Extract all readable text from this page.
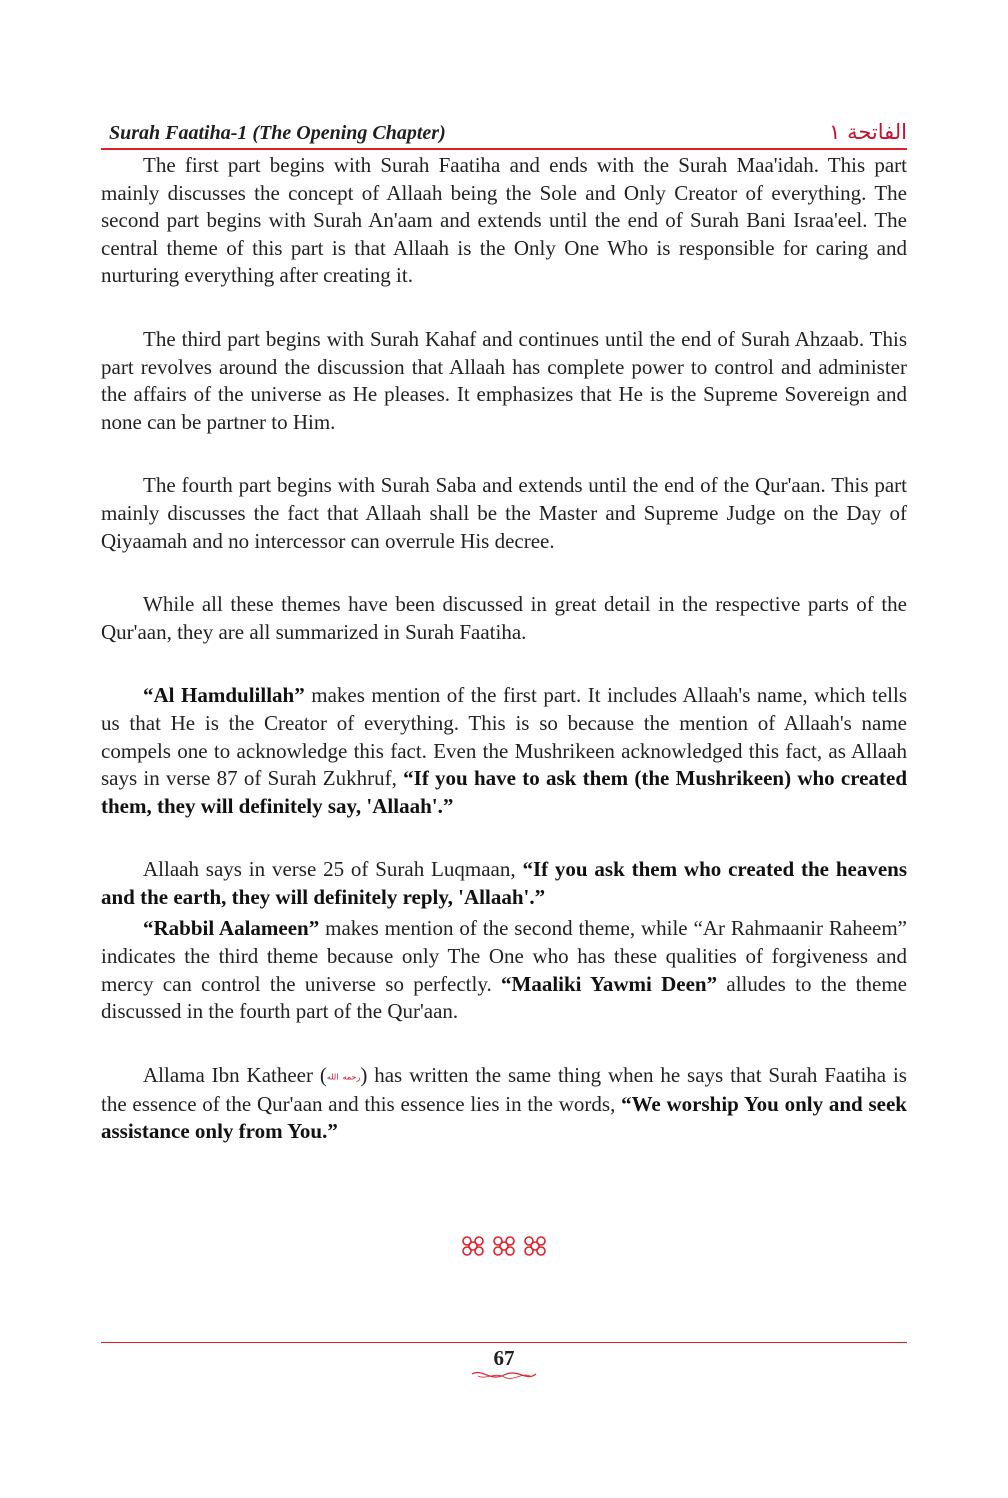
Surah Faatiha-1 (The Opening Chapter)	الفاتحة ١

The first part begins with Surah Faatiha and ends with the Surah Maa'idah. This part mainly discusses the concept of Allaah being the Sole and Only Creator of everything. The second part begins with Surah An'aam and extends until the end of Surah Bani Israa'eel. The central theme of this part is that Allaah is the Only One Who is responsible for caring and nurturing everything after creating it.

The third part begins with Surah Kahaf and continues until the end of Surah Ahzaab. This part revolves around the discussion that Allaah has complete power to control and administer the affairs of the universe as He pleases. It emphasizes that He is the Supreme Sovereign and none can be partner to Him.

The fourth part begins with Surah Saba and extends until the end of the Qur'aan. This part mainly discusses the fact that Allaah shall be the Master and Supreme Judge on the Day of Qiyaamah and no intercessor can overrule His decree.

While all these themes have been discussed in great detail in the respective parts of the Qur'aan, they are all summarized in Surah Faatiha.

“Al Hamdulillah” makes mention of the first part. It includes Allaah's name, which tells us that He is the Creator of everything. This is so because the mention of Allaah's name compels one to acknowledge this fact. Even the Mushrikeen acknowledged this fact, as Allaah says in verse 87 of Surah Zukhruf, “If you have to ask them (the Mushrikeen) who created them, they will definitely say, 'Allaah'.”

Allaah says in verse 25 of Surah Luqmaan, “If you ask them who created the heavens and the earth, they will definitely reply, 'Allaah'.”

“Rabbil Aalameen” makes mention of the second theme, while “Ar Rahmaanir Raheem” indicates the third theme because only The One who has these qualities of forgiveness and mercy can control the universe so perfectly. “Maaliki Yawmi Deen” alludes to the theme discussed in the fourth part of the Qur'aan.

Allama Ibn Katheer (رحمه الله) has written the same thing when he says that Surah Faatiha is the essence of the Qur'aan and this essence lies in the words, “We worship You only and seek assistance only from You.”

67
